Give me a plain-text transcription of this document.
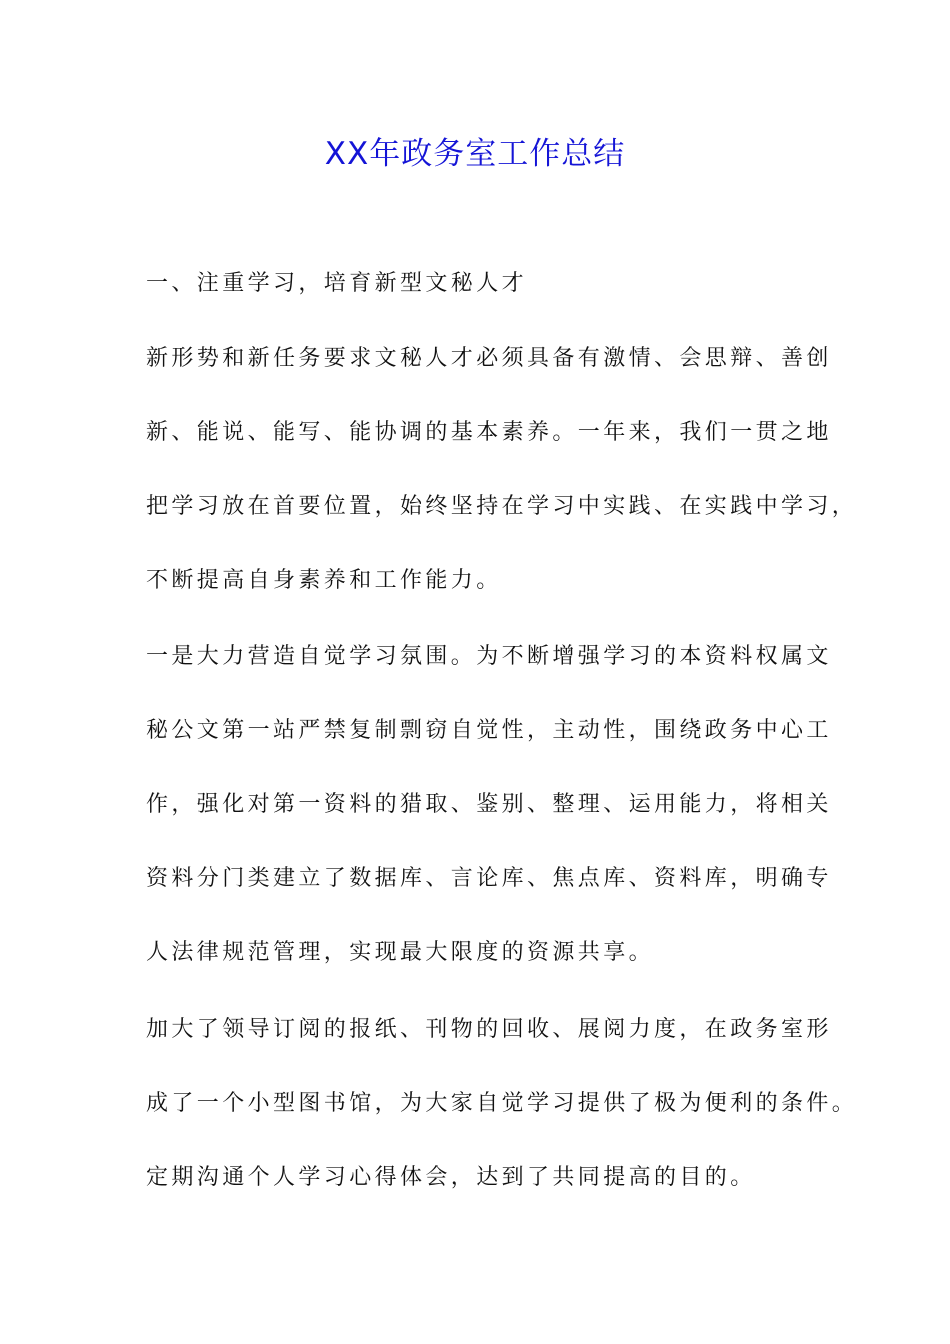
XX年政务室工作总结
一、注重学习，培育新型文秘人才
新形势和新任务要求文秘人才必须具备有激情、会思辩、善创
新、能说、能写、能协调的基本素养。一年来，我们一贯之地
把学习放在首要位置，始终坚持在学习中实践、在实践中学习，
不断提高自身素养和工作能力。
一是大力营造自觉学习氛围。为不断增强学习的本资料权属文
秘公文第一站严禁复制剽窃自觉性，主动性，围绕政务中心工
作，强化对第一资料的猎取、鉴别、整理、运用能力，将相关
资料分门类建立了数据库、言论库、焦点库、资料库，明确专
人法律规范管理，实现最大限度的资源共享。
加大了领导订阅的报纸、刊物的回收、展阅力度，在政务室形
成了一个小型图书馆，为大家自觉学习提供了极为便利的条件。
定期沟通个人学习心得体会，达到了共同提高的目的。
